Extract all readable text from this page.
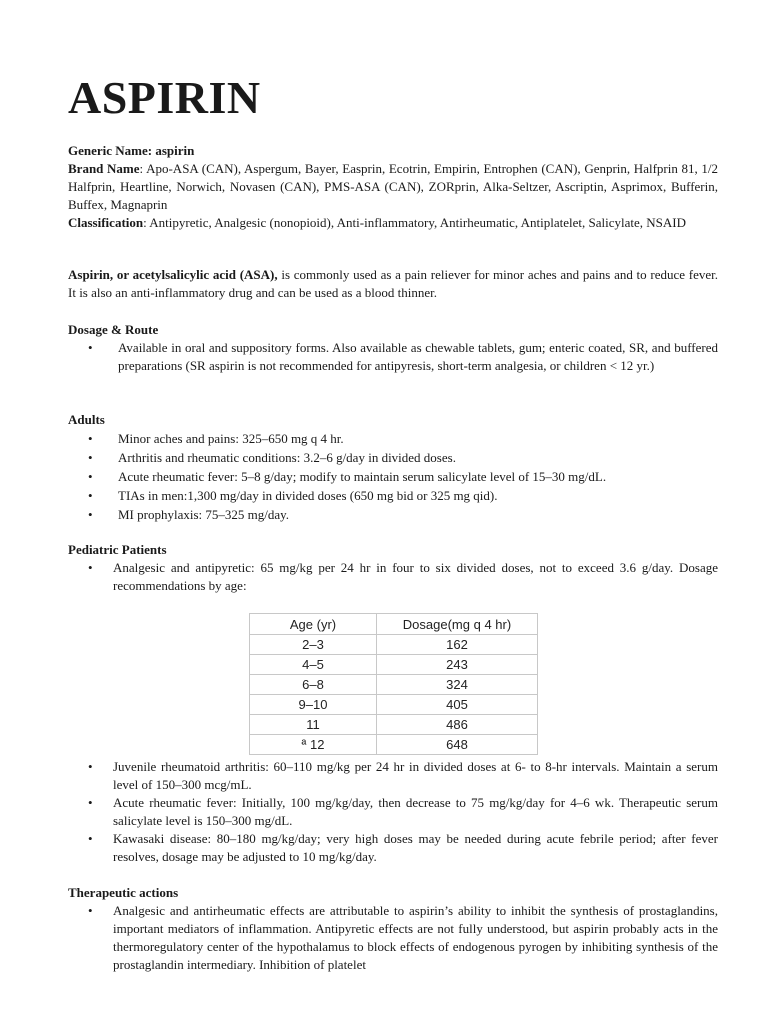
ASPIRIN

Generic Name: aspirin

Brand Name: Apo-ASA (CAN), Aspergum, Bayer, Easprin, Ecotrin, Empirin, Entrophen (CAN), Genprin, Halfprin 81, 1/2 Halfprin, Heartline, Norwich, Novasen (CAN), PMS-ASA (CAN), ZORprin, Alka-Seltzer, Ascriptin, Asprimox, Bufferin, Buffex, Magnaprin

Classification: Antipyretic, Analgesic (nonopioid), Anti-inflammatory, Antirheumatic, Antiplatelet, Salicylate, NSAID

Aspirin, or acetylsalicylic acid (ASA), is commonly used as a pain reliever for minor aches and pains and to reduce fever. It is also an anti-inflammatory drug and can be used as a blood thinner.

Dosage & Route

• Available in oral and suppository forms. Also available as chewable tablets, gum; enteric coated, SR, and buffered preparations (SR aspirin is not recommended for antipyresis, short-term analgesia, or children < 12 yr.)

Adults

• Minor aches and pains: 325–650 mg q 4 hr.
• Arthritis and rheumatic conditions: 3.2–6 g/day in divided doses.
• Acute rheumatic fever: 5–8 g/day; modify to maintain serum salicylate level of 15–30 mg/dL.
• TIAs in men:1,300 mg/day in divided doses (650 mg bid or 325 mg qid).
• MI prophylaxis: 75–325 mg/day.

Pediatric Patients

• Analgesic and antipyretic: 65 mg/kg per 24 hr in four to six divided doses, not to exceed 3.6 g/day. Dosage recommendations by age:
Age (yr)	Dosage(mg q 4 hr)
2–3	162
4–5	243
6–8	324
9–10	405
11	486
ª 12	648
• Juvenile rheumatoid arthritis: 60–110 mg/kg per 24 hr in divided doses at 6- to 8-hr intervals. Maintain a serum level of 150–300 mcg/mL.
• Acute rheumatic fever: Initially, 100 mg/kg/day, then decrease to 75 mg/kg/day for 4–6 wk. Therapeutic serum salicylate level is 150–300 mg/dL.
• Kawasaki disease: 80–180 mg/kg/day; very high doses may be needed during acute febrile period; after fever resolves, dosage may be adjusted to 10 mg/kg/day.

Therapeutic actions

• Analgesic and antirheumatic effects are attributable to aspirin’s ability to inhibit the synthesis of prostaglandins, important mediators of inflammation. Antipyretic effects are not fully understood, but aspirin probably acts in the thermoregulatory center of the hypothalamus to block effects of endogenous pyrogen by inhibiting synthesis of the prostaglandin intermediary. Inhibition of platelet
